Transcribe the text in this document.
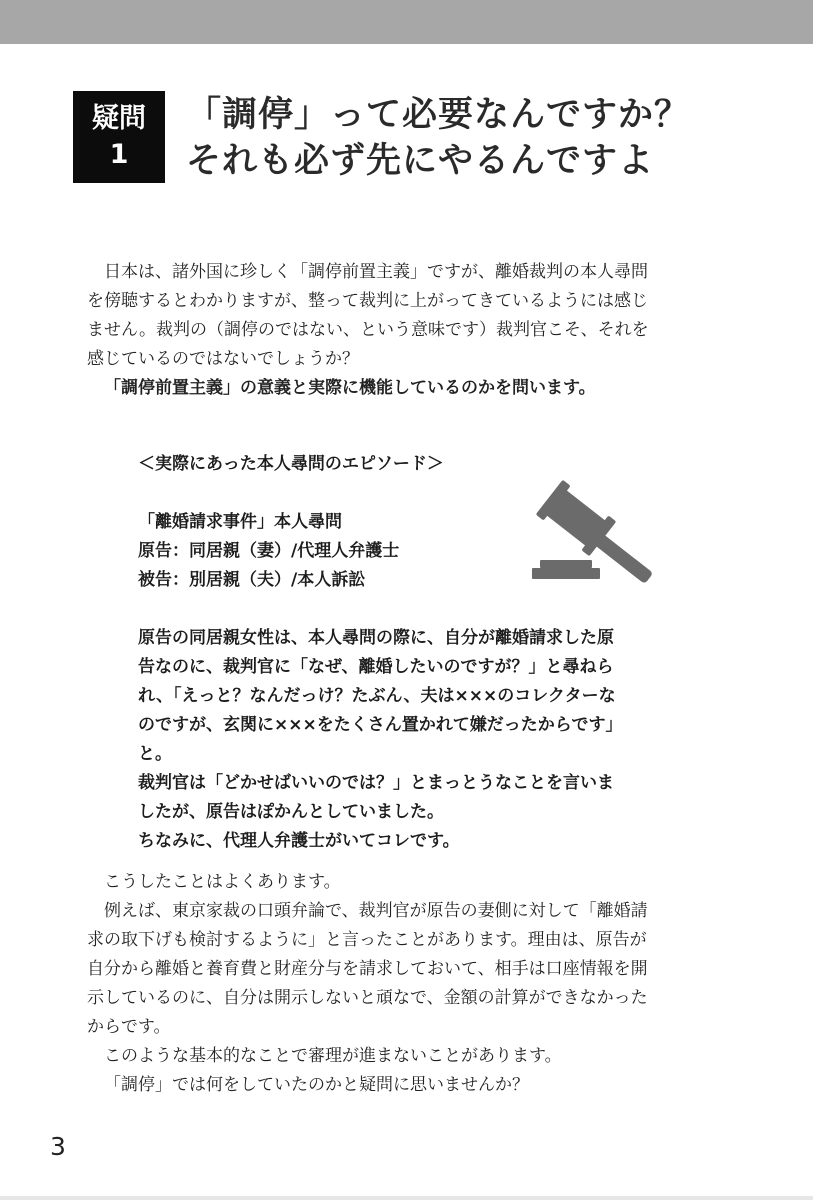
疑問
1
「調停」って必要なんですか？
それも必ず先にやるんですよ

日本は、諸外国に珍しく「調停前置主義」ですが、離婚裁判の本人尋問

を傍聴するとわかりますが、整って裁判に上がってきているようには感じ

ません。裁判の（調停のではない、という意味です）裁判官こそ、それを

感じているのではないでしょうか？

「調停前置主義」の意義と実際に機能しているのかを問います。

＜実際にあった本人尋問のエピソード＞

「離婚請求事件」本人尋問

原告：同居親（妻）/代理人弁護士

被告：別居親（夫）/本人訴訟

原告の同居親女性は、本人尋問の際に、自分が離婚請求した原

告なのに、裁判官に「なぜ、離婚したいのですが？」と尋ねら

れ、「えっと？なんだっけ？たぶん、夫は×××のコレクターな

のですが、玄関に×××をたくさん置かれて嫌だったからです」

と。

裁判官は「どかせばいいのでは？」とまっとうなことを言いま

したが、原告はぽかんとしていました。

ちなみに、代理人弁護士がいてコレです。

こうしたことはよくあります。

例えば、東京家裁の口頭弁論で、裁判官が原告の妻側に対して「離婚請

求の取下げも検討するように」と言ったことがあります。理由は、原告が

自分から離婚と養育費と財産分与を請求しておいて、相手は口座情報を開

示しているのに、自分は開示しないと頑なで、金額の計算ができなかった

からです。

このような基本的なことで審理が進まないことがあります。

「調停」では何をしていたのかと疑問に思いませんか？

3
